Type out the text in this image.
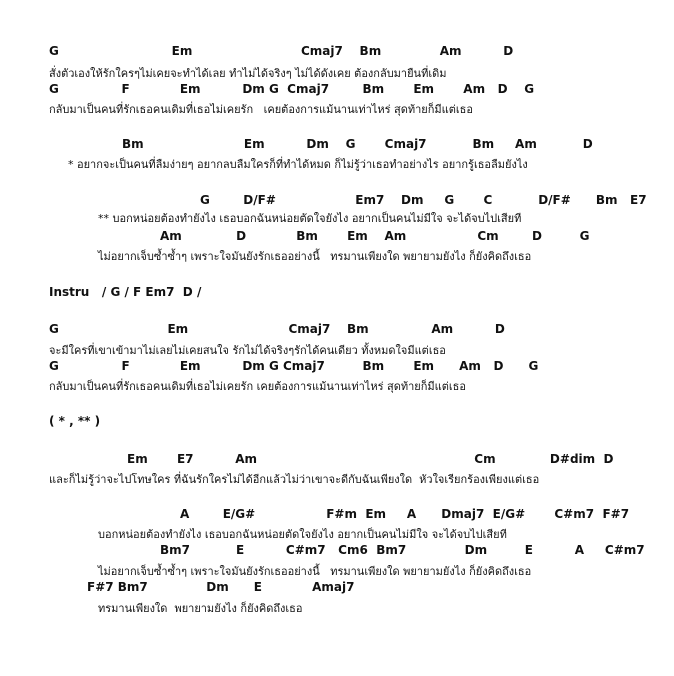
G                           Em                          Cmaj7    Bm              Am          D
สั่งตัวเองให้รักใครๆไม่เคยจะทำได้เลย ทำไม่ได้จริงๆ ไม่ได้ดังเคย ต้องกลับมายืนที่เดิม
G               F            Em          Dm G  Cmaj7        Bm       Em       Am   D    G
กลับมาเป็นคนที่รักเธอคนเดิมที่เธอไม่เคยรัก   เคยต้องการแม้นานเท่าไหร่ สุดท้ายก็มีแต่เธอ
Bm                        Em          Dm    G       Cmaj7           Bm     Am           D
* อยากจะเป็นคนที่ลืมง่ายๆ อยากลบลืมใครก็ที่ทำได้หมด ก็ไม่รู้ว่าเธอทำอย่างไร อยากรู้เธอลืมยังไง
G        D/F#                   Em7    Dm     G       C           D/F#      Bm   E7
** บอกหน่อยต้องทำยังไง เธอบอกฉันหน่อยตัดใจยังไง อยากเป็นคนไม่มีใจ จะได้จบไปเสียที
Am             D            Bm       Em    Am                 Cm        D         G
ไม่อยากเจ็บซ้ำซ้ำๆ เพราะใจมันยังรักเธออย่างนี้   ทรมานเพียงใด พยายามยังไง ก็ยังคิดถึงเธอ
Instru   / G / F Em7  D /
G                          Em                        Cmaj7    Bm               Am          D
จะมีใครที่เขาเข้ามาไม่เลยไม่เคยสนใจ รักไม่ได้จริงๆรักได้คนเดียว ทั้งหมดใจมีแต่เธอ
G               F            Em          Dm G Cmaj7         Bm       Em      Am   D      G
กลับมาเป็นคนที่รักเธอคนเดิมที่เธอไม่เคยรัก เคยต้องการแม้นานเท่าไหร่ สุดท้ายก็มีแต่เธอ
( * , ** )
Em       E7          Am                                                    Cm             D#dim  D
และก็ไม่รู้ว่าจะไปโทษใคร ที่ฉันรักใครไม่ได้อีกแล้วไม่ว่าเขาจะดีกับฉันเพียงใด  หัวใจเรียกร้องเพียงแต่เธอ
A        E/G#                 F#m  Em     A      Dmaj7  E/G#       C#m7  F#7
บอกหน่อยต้องทำยังไง เธอบอกฉันหน่อยตัดใจยังไง อยากเป็นคนไม่มีใจ จะได้จบไปเสียที
Bm7           E          C#m7   Cm6  Bm7              Dm         E          A     C#m7
ไม่อยากเจ็บซ้ำซ้ำๆ เพราะใจมันยังรักเธออย่างนี้   ทรมานเพียงใด พยายามยังไง ก็ยังคิดถึงเธอ
F#7 Bm7              Dm      E            Amaj7
ทรมานเพียงใด  พยายามยังไง ก็ยังคิดถึงเธอ
